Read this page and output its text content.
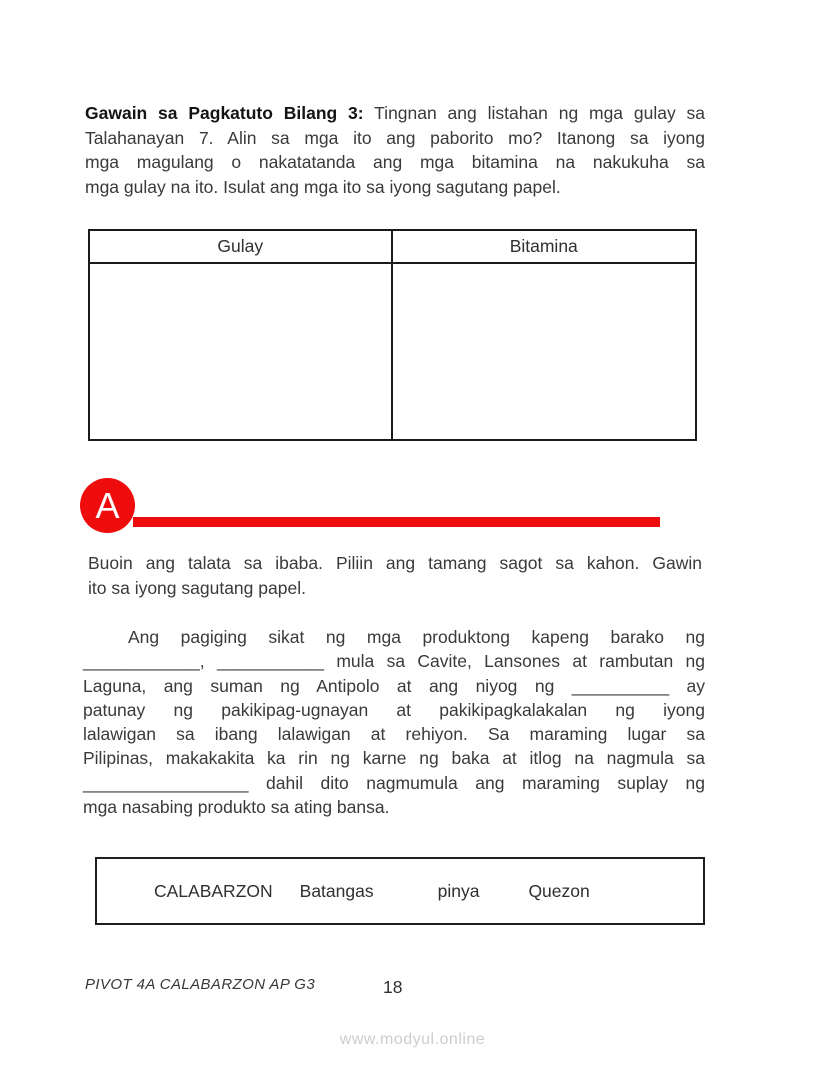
Gawain sa Pagkatuto Bilang 3: Tingnan ang listahan ng mga gulay sa
Talahanayan 7. Alin sa mga ito ang paborito mo? Itanong sa iyong
mga magulang o nakatatanda ang mga bitamina na nakukuha sa
mga gulay na ito. Isulat ang mga ito sa iyong sagutang papel.
Gulay	Bitamina
A
Buoin ang talata sa ibaba. Piliin ang tamang sagot sa kahon. Gawin
ito sa iyong sagutang papel.
Ang pagiging sikat ng mga produktong kapeng barako ng
____________, ___________ mula sa Cavite, Lansones at rambutan ng
Laguna, ang suman ng Antipolo at ang niyog ng __________ ay
patunay ng pakikipag-ugnayan at pakikipagkalakalan ng iyong
lalawigan sa ibang lalawigan at rehiyon. Sa maraming lugar sa
Pilipinas, makakakita ka rin ng karne ng baka at itlog na nagmula sa
_________________ dahil dito nagmumula ang maraming suplay ng
mga nasabing produkto sa ating bansa.
CALABARZON Batangas	pinya	Quezon
PIVOT 4A CALABARZON AP G3	18
www.modyul.online
